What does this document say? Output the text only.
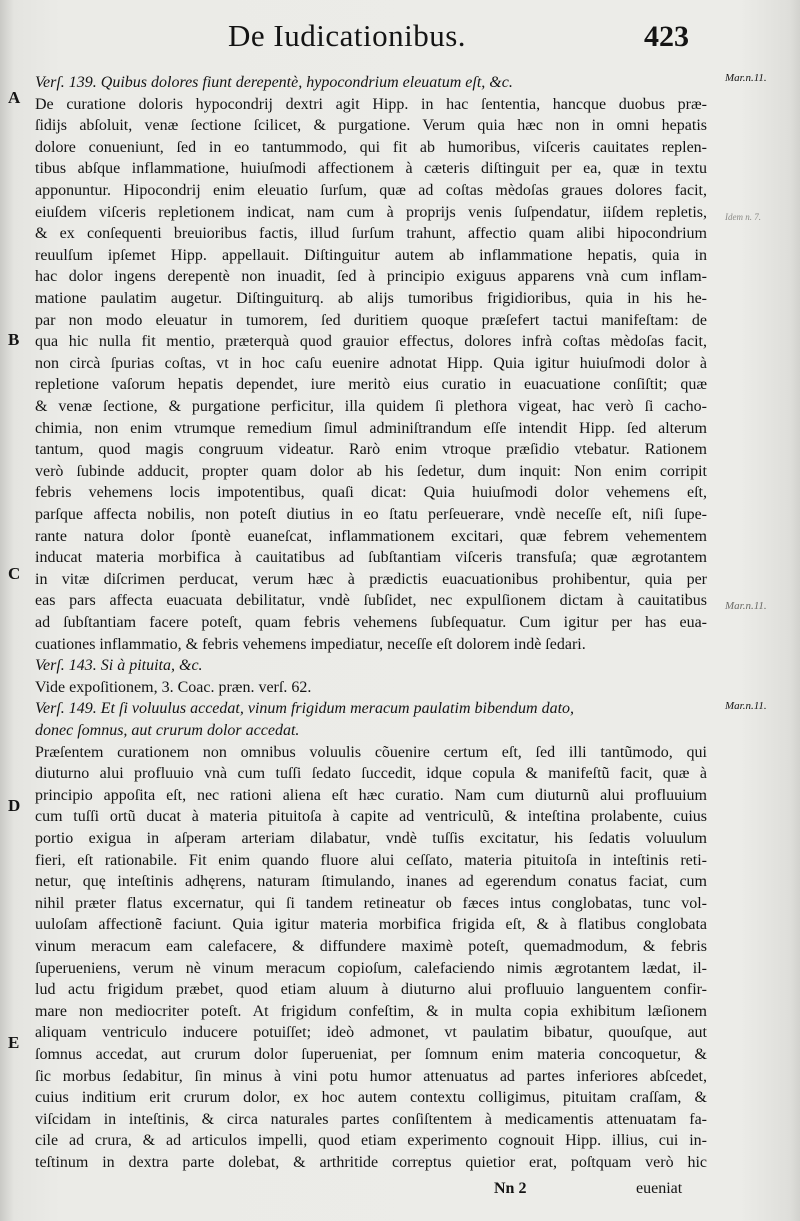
De Iudicationibus.	423
A
B
C
D
E
Mar.n.11.
Idem n. 7.
Mar.n.11.
Mar.n.11.
Verſ. 139. Quibus dolores fiunt derepentè, hypocondrium eleuatum eſt, &c.
De curatione doloris hypocondrij dextri agit Hipp. in hac ſententia, hancque duobus præ-
ſidijs abſoluit, venæ ſectione ſcilicet, & purgatione. Verum quia hæc non in omni hepatis
dolore conueniunt, ſed in eo tantummodo, qui fit ab humoribus, viſceris cauitates replen-
tibus abſque inflammatione, huiuſmodi affectionem à cæteris diſtinguit per ea, quæ in textu
apponuntur. Hipocondrij enim eleuatio ſurſum, quæ ad coſtas mèdoſas graues dolores facit,
eiuſdem viſceris repletionem indicat, nam cum à proprijs venis ſuſpendatur, iiſdem repletis,
& ex conſequenti breuioribus factis, illud ſurſum trahunt, affectio quam alibi hipocondrium
reuulſum ipſemet Hipp. appellauit. Diſtinguitur autem ab inflammatione hepatis, quia in
hac dolor ingens derepentè non inuadit, ſed à principio exiguus apparens vnà cum inflam-
matione paulatim augetur. Diſtinguiturq. ab alijs tumoribus frigidioribus, quia in his he-
par non modo eleuatur in tumorem, ſed duritiem quoque præſefert tactui manifeſtam: de
qua hic nulla fit mentio, præterquà quod grauior effectus, dolores infrà coſtas mèdoſas facit,
non circà ſpurias coſtas, vt in hoc caſu euenire adnotat Hipp. Quia igitur huiuſmodi dolor à
repletione vaſorum hepatis dependet, iure meritò eius curatio in euacuatione conſiſtit; quæ
& venæ ſectione, & purgatione perficitur, illa quidem ſi plethora vigeat, hac verò ſi cacho-
chimia, non enim vtrumque remedium ſimul adminiſtrandum eſſe intendit Hipp. ſed alterum
tantum, quod magis congruum videatur. Rarò enim vtroque præſidio vtebatur. Rationem
verò ſubinde adducit, propter quam dolor ab his ſedetur, dum inquit: Non enim corripit
febris vehemens locis impotentibus, quaſi dicat: Quia huiuſmodi dolor vehemens eſt,
parſque affecta nobilis, non poteſt diutius in eo ſtatu perſeuerare, vndè neceſſe eſt, niſi ſupe-
rante natura dolor ſpontè euaneſcat, inflammationem excitari, quæ febrem vehementem
inducat materia morbifica à cauitatibus ad ſubſtantiam viſceris transfuſa; quæ ægrotantem
in vitæ diſcrimen perducat, verum hæc à prædictis euacuationibus prohibentur, quia per
eas pars affecta euacuata debilitatur, vndè ſubſidet, nec expulſionem dictam à cauitatibus
ad ſubſtantiam facere poteſt, quam febris vehemens ſubſequatur. Cum igitur per has eua-
cuationes inflammatio, & febris vehemens impediatur, neceſſe eſt dolorem indè ſedari.
Verſ. 143. Si à pituita, &c.
Vide expoſitionem, 3. Coac. præn. verſ. 62.
Verſ. 149. Et ſi voluulus accedat, vinum frigidum meracum paulatim bibendum dato,
donec ſomnus, aut crurum dolor accedat.
Præſentem curationem non omnibus voluulis cõuenire certum eſt, ſed illi tantũmodo, qui
diuturno alui profluuio vnà cum tuſſi ſedato ſuccedit, idque copula & manifeſtũ facit, quæ à
principio appoſita eſt, nec rationi aliena eſt hæc curatio. Nam cum diuturnũ alui profluuium
cum tuſſi ortũ ducat à materia pituitoſa à capite ad ventriculũ, & inteſtina prolabente, cuius
portio exigua in aſperam arteriam dilabatur, vndè tuſſis excitatur, his ſedatis voluulum
fieri, eſt rationabile. Fit enim quando fluore alui ceſſato, materia pituitoſa in inteſtinis reti-
netur, quę inteſtinis adhęrens, naturam ſtimulando, inanes ad egerendum conatus faciat, cum
nihil præter flatus excernatur, qui ſi tandem retineatur ob fæces intus conglobatas, tunc vol-
uuloſam affectionẽ faciunt. Quia igitur materia morbifica frigida eſt, & à flatibus conglobata
vinum meracum eam calefacere, & diffundere maximè poteſt, quemadmodum, & febris
ſuperueniens, verum nè vinum meracum copioſum, calefaciendo nimis ægrotantem lædat, il-
lud actu frigidum præbet, quod etiam aluum à diuturno alui profluuio languentem confir-
mare non mediocriter poteſt. At frigidum confeſtim, & in multa copia exhibitum læſionem
aliquam ventriculo inducere potuiſſet; ideò admonet, vt paulatim bibatur, quouſque, aut
ſomnus accedat, aut crurum dolor ſuperueniat, per ſomnum enim materia concoquetur, &
ſic morbus ſedabitur, ſin minus à vini potu humor attenuatus ad partes inferiores abſcedet,
cuius inditium erit crurum dolor, ex hoc autem contextu colligimus, pituitam craſſam, &
viſcidam in inteſtinis, & circa naturales partes conſiſtentem à medicamentis attenuatam fa-
cile ad crura, & ad articulos impelli, quod etiam experimento cognouit Hipp. illius, cui in-
teſtinum in dextra parte dolebat, & arthritide correptus quietior erat, poſtquam verò hic
Nn 2	eueniat
